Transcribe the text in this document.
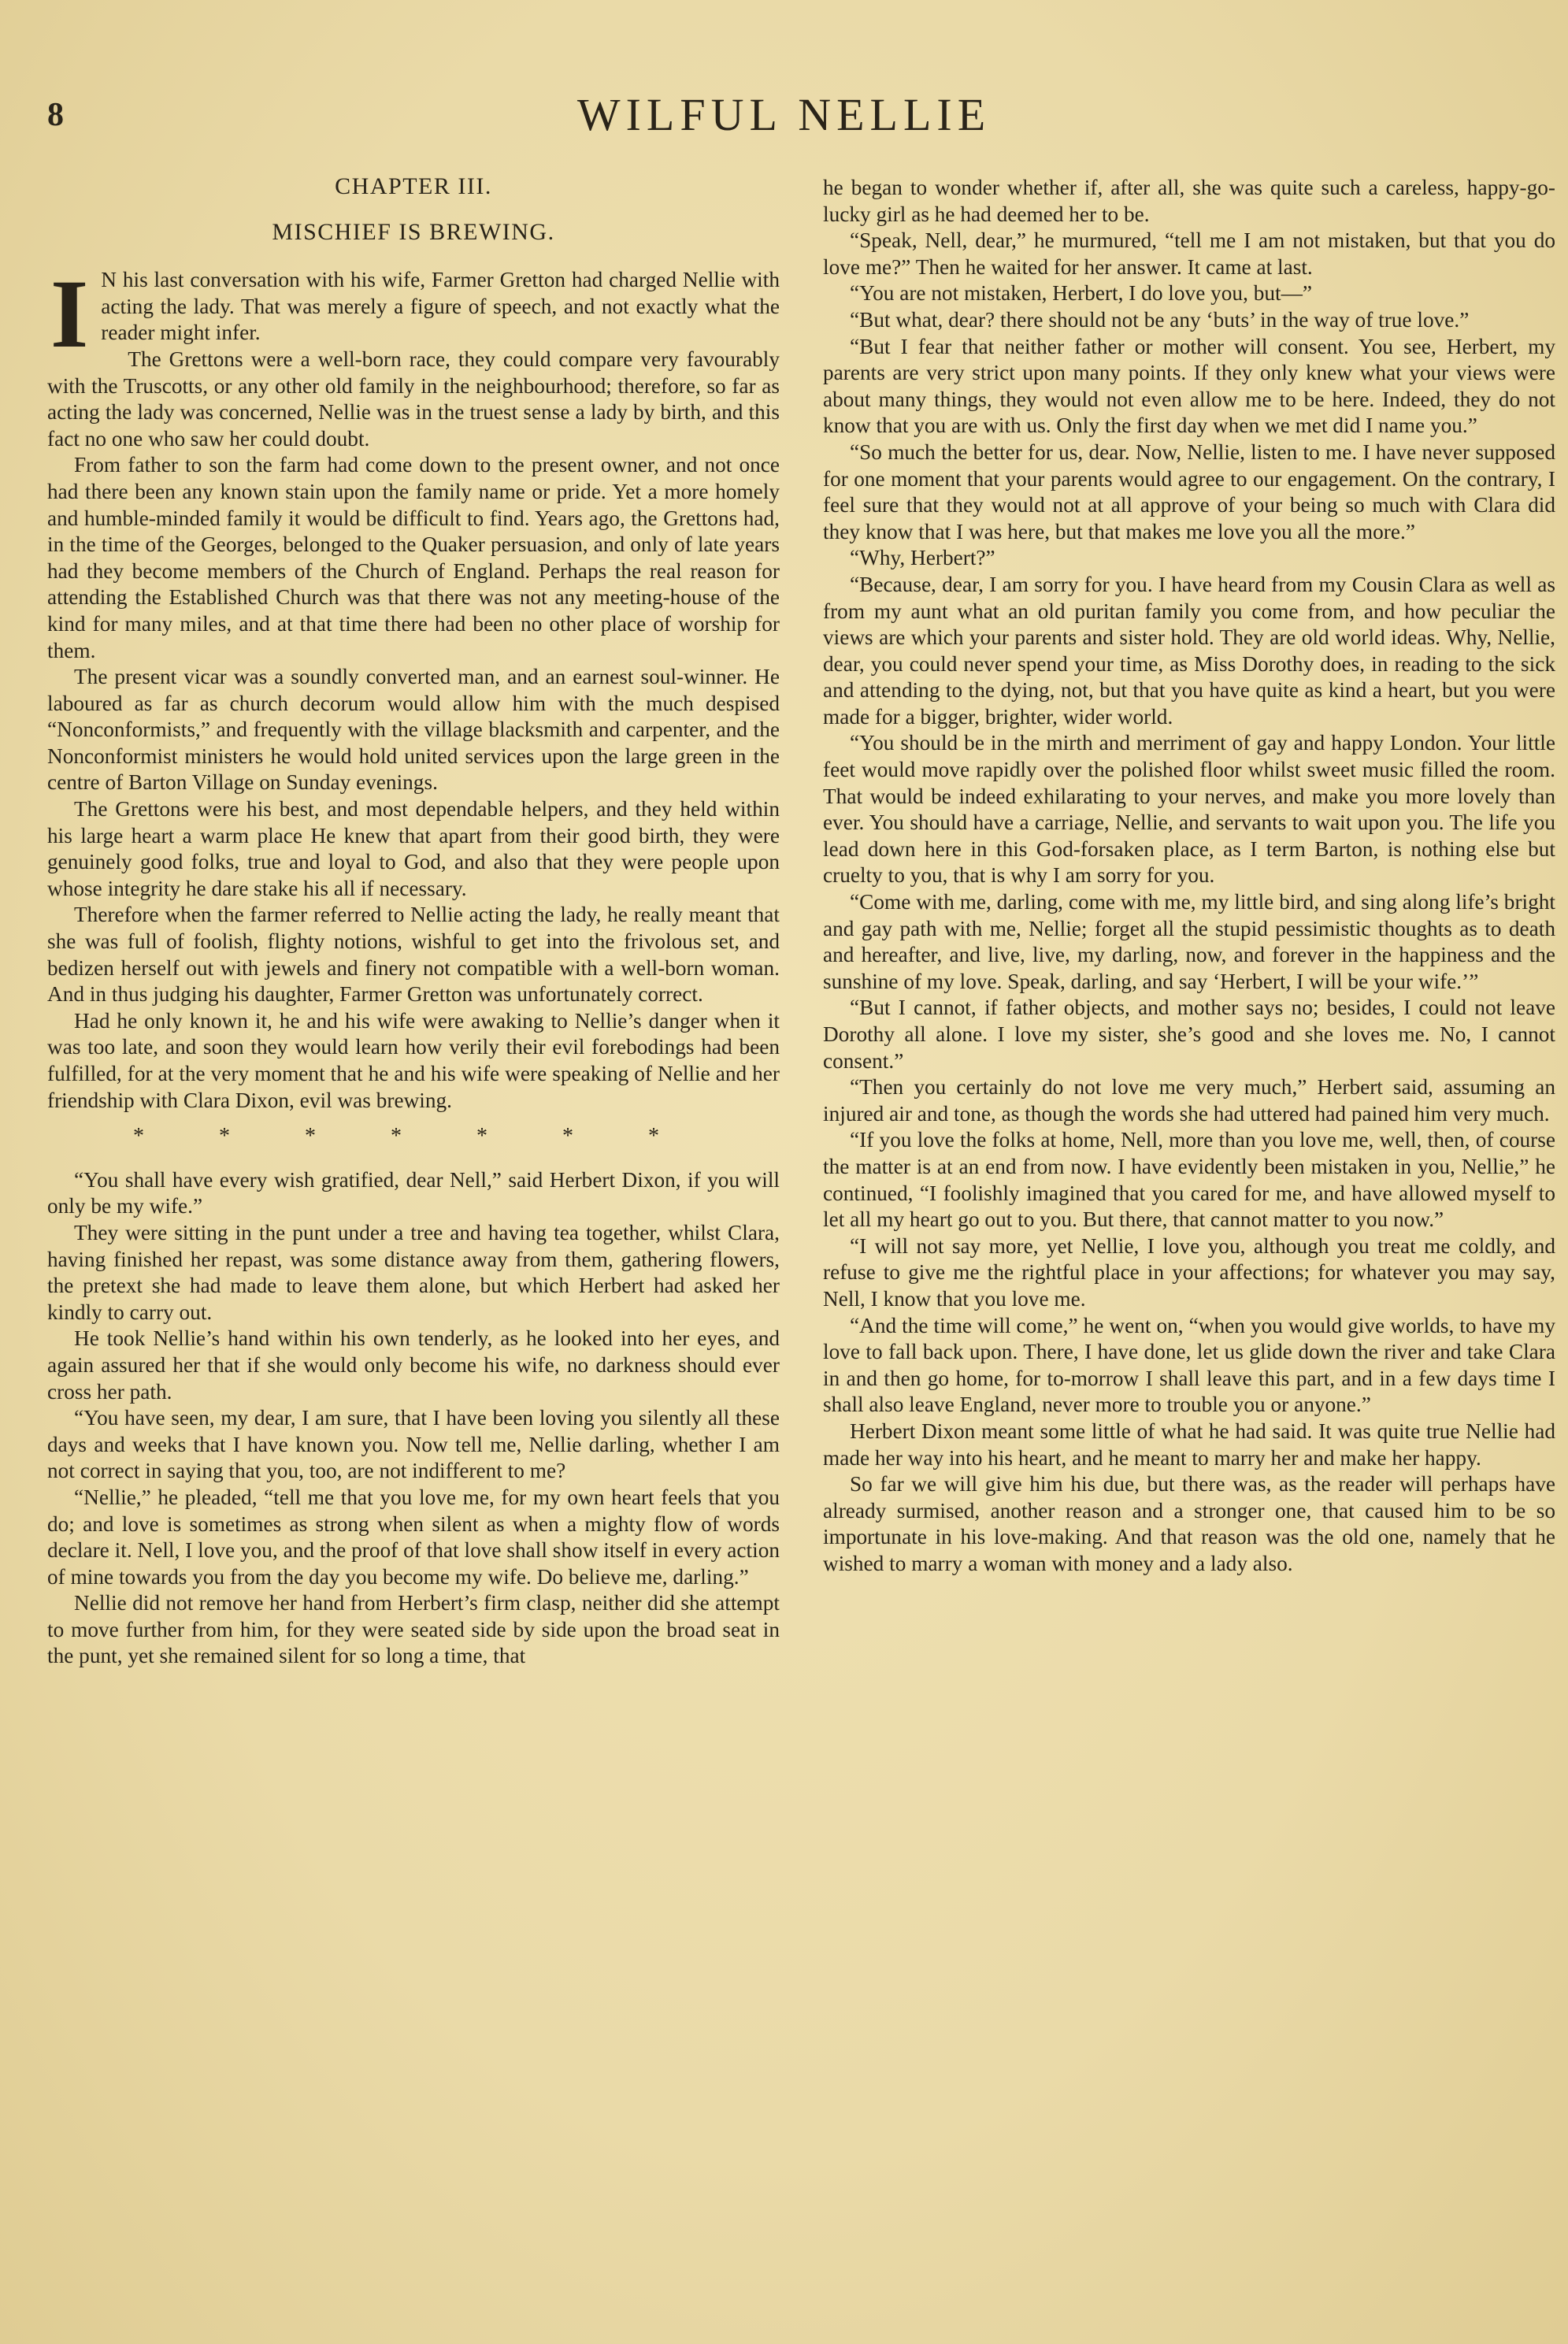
8	WILFUL NELLIE
CHAPTER III.
MISCHIEF IS BREWING.

I N his last conversation with his wife, Farmer Gretton had charged Nellie with acting the lady. That was merely a figure of speech, and not exactly what the reader might infer.

The Grettons were a well-born race, they could compare very favourably with the Truscotts, or any other old family in the neighbourhood; therefore, so far as acting the lady was concerned, Nellie was in the truest sense a lady by birth, and this fact no one who saw her could doubt.

From father to son the farm had come down to the present owner, and not once had there been any known stain upon the family name or pride. Yet a more homely and humble-minded family it would be difficult to find. Years ago, the Grettons had, in the time of the Georges, belonged to the Quaker persuasion, and only of late years had they become members of the Church of England. Perhaps the real reason for attending the Established Church was that there was not any meeting-house of the kind for many miles, and at that time there had been no other place of worship for them.

The present vicar was a soundly converted man, and an earnest soul-winner. He laboured as far as church decorum would allow him with the much despised “Nonconformists,” and frequently with the village blacksmith and carpenter, and the Nonconformist ministers he would hold united services upon the large green in the centre of Barton Village on Sunday evenings.

The Grettons were his best, and most dependable helpers, and they held within his large heart a warm place He knew that apart from their good birth, they were genuinely good folks, true and loyal to God, and also that they were people upon whose integrity he dare stake his all if necessary.

Therefore when the farmer referred to Nellie acting the lady, he really meant that she was full of foolish, flighty notions, wishful to get into the frivolous set, and bedizen herself out with jewels and finery not compatible with a well-born woman. And in thus judging his daughter, Farmer Gretton was unfortunately correct.

Had he only known it, he and his wife were awaking to Nellie’s danger when it was too late, and soon they would learn how verily their evil forebodings had been fulfilled, for at the very moment that he and his wife were speaking of Nellie and her friendship with Clara Dixon, evil was brewing.

* * * * * * *

“You shall have every wish gratified, dear Nell,” said Herbert Dixon, if you will only be my wife.”

They were sitting in the punt under a tree and having tea together, whilst Clara, having finished her repast, was some distance away from them, gathering flowers, the pretext she had made to leave them alone, but which Herbert had asked her kindly to carry out.

He took Nellie’s hand within his own tenderly, as he looked into her eyes, and again assured her that if she would only become his wife, no darkness should ever cross her path.

“You have seen, my dear, I am sure, that I have been loving you silently all these days and weeks that I have known you. Now tell me, Nellie darling, whether I am not correct in saying that you, too, are not indifferent to me?

“Nellie,” he pleaded, “tell me that you love me, for my own heart feels that you do; and love is sometimes as strong when silent as when a mighty flow of words declare it. Nell, I love you, and the proof of that love shall show itself in every action of mine towards you from the day you become my wife. Do believe me, darling.”

Nellie did not remove her hand from Herbert’s firm clasp, neither did she attempt to move further from him, for they were seated side by side upon the broad seat in the punt, yet she remained silent for so long a time, that

he began to wonder whether if, after all, she was quite such a careless, happy-go-lucky girl as he had deemed her to be.

“Speak, Nell, dear,” he murmured, “tell me I am not mistaken, but that you do love me?” Then he waited for her answer. It came at last.

“You are not mistaken, Herbert, I do love you, but—”

“But what, dear? there should not be any ‘buts’ in the way of true love.”

“But I fear that neither father or mother will consent. You see, Herbert, my parents are very strict upon many points. If they only knew what your views were about many things, they would not even allow me to be here. Indeed, they do not know that you are with us. Only the first day when we met did I name you.”

“So much the better for us, dear. Now, Nellie, listen to me. I have never supposed for one moment that your parents would agree to our engagement. On the contrary, I feel sure that they would not at all approve of your being so much with Clara did they know that I was here, but that makes me love you all the more.”

“Why, Herbert?”

“Because, dear, I am sorry for you. I have heard from my Cousin Clara as well as from my aunt what an old puritan family you come from, and how peculiar the views are which your parents and sister hold. They are old world ideas. Why, Nellie, dear, you could never spend your time, as Miss Dorothy does, in reading to the sick and attending to the dying, not, but that you have quite as kind a heart, but you were made for a bigger, brighter, wider world.

“You should be in the mirth and merriment of gay and happy London. Your little feet would move rapidly over the polished floor whilst sweet music filled the room. That would be indeed exhilarating to your nerves, and make you more lovely than ever. You should have a carriage, Nellie, and servants to wait upon you. The life you lead down here in this God-forsaken place, as I term Barton, is nothing else but cruelty to you, that is why I am sorry for you.

“Come with me, darling, come with me, my little bird, and sing along life’s bright and gay path with me, Nellie; forget all the stupid pessimistic thoughts as to death and hereafter, and live, live, my darling, now, and forever in the happiness and the sunshine of my love. Speak, darling, and say ‘Herbert, I will be your wife.’”

“But I cannot, if father objects, and mother says no; besides, I could not leave Dorothy all alone. I love my sister, she’s good and she loves me. No, I cannot consent.”

“Then you certainly do not love me very much,” Herbert said, assuming an injured air and tone, as though the words she had uttered had pained him very much.

“If you love the folks at home, Nell, more than you love me, well, then, of course the matter is at an end from now. I have evidently been mistaken in you, Nellie,” he continued, “I foolishly imagined that you cared for me, and have allowed myself to let all my heart go out to you. But there, that cannot matter to you now.”

“I will not say more, yet Nellie, I love you, although you treat me coldly, and refuse to give me the rightful place in your affections; for whatever you may say, Nell, I know that you love me.

“And the time will come,” he went on, “when you would give worlds, to have my love to fall back upon. There, I have done, let us glide down the river and take Clara in and then go home, for to-morrow I shall leave this part, and in a few days time I shall also leave England, never more to trouble you or anyone.”

Herbert Dixon meant some little of what he had said. It was quite true Nellie had made her way into his heart, and he meant to marry her and make her happy.

So far we will give him his due, but there was, as the reader will perhaps have already surmised, another reason and a stronger one, that caused him to be so importunate in his love-making. And that reason was the old one, namely that he wished to marry a woman with money and a lady also.
